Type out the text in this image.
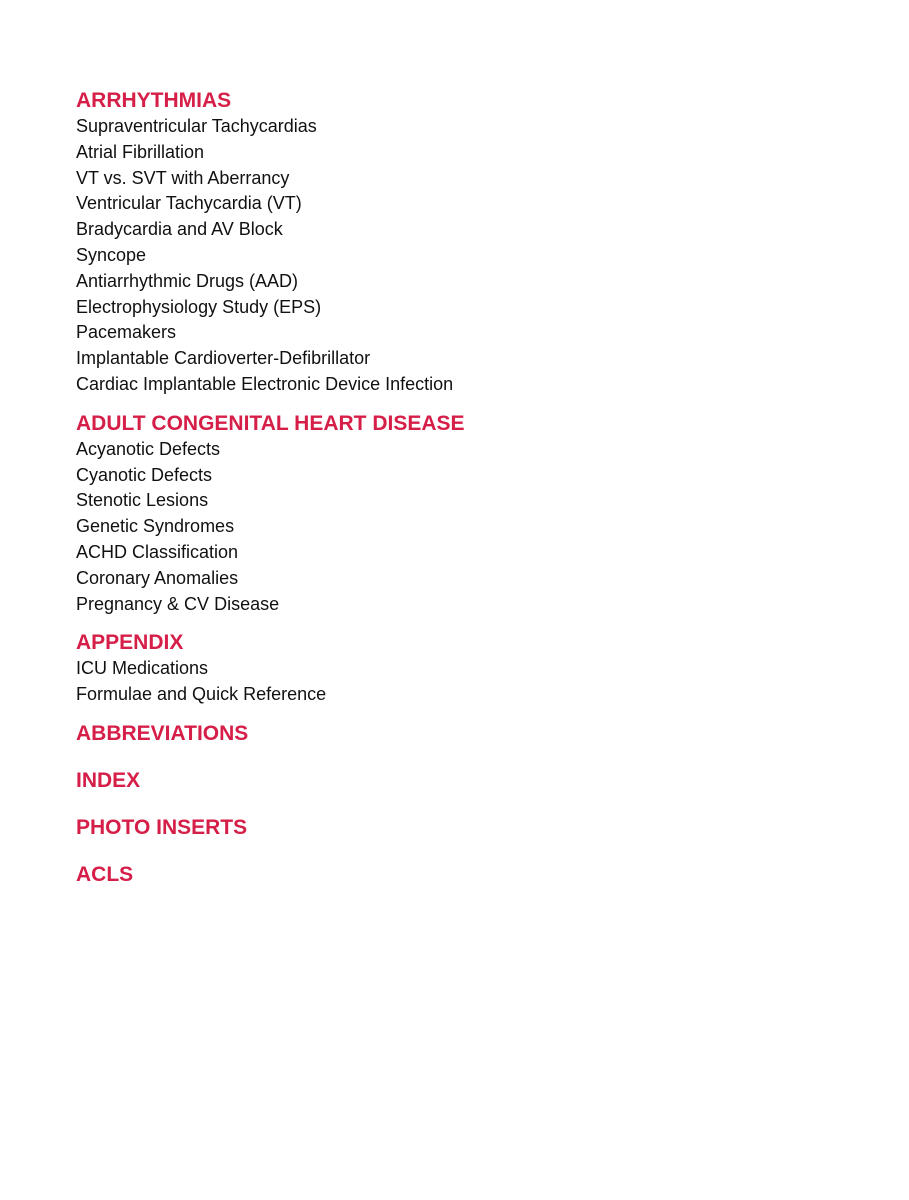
ARRHYTHMIAS
Supraventricular Tachycardias
Atrial Fibrillation
VT vs. SVT with Aberrancy
Ventricular Tachycardia (VT)
Bradycardia and AV Block
Syncope
Antiarrhythmic Drugs (AAD)
Electrophysiology Study (EPS)
Pacemakers
Implantable Cardioverter-Defibrillator
Cardiac Implantable Electronic Device Infection
ADULT CONGENITAL HEART DISEASE
Acyanotic Defects
Cyanotic Defects
Stenotic Lesions
Genetic Syndromes
ACHD Classification
Coronary Anomalies
Pregnancy & CV Disease
APPENDIX
ICU Medications
Formulae and Quick Reference
ABBREVIATIONS
INDEX
PHOTO INSERTS
ACLS
